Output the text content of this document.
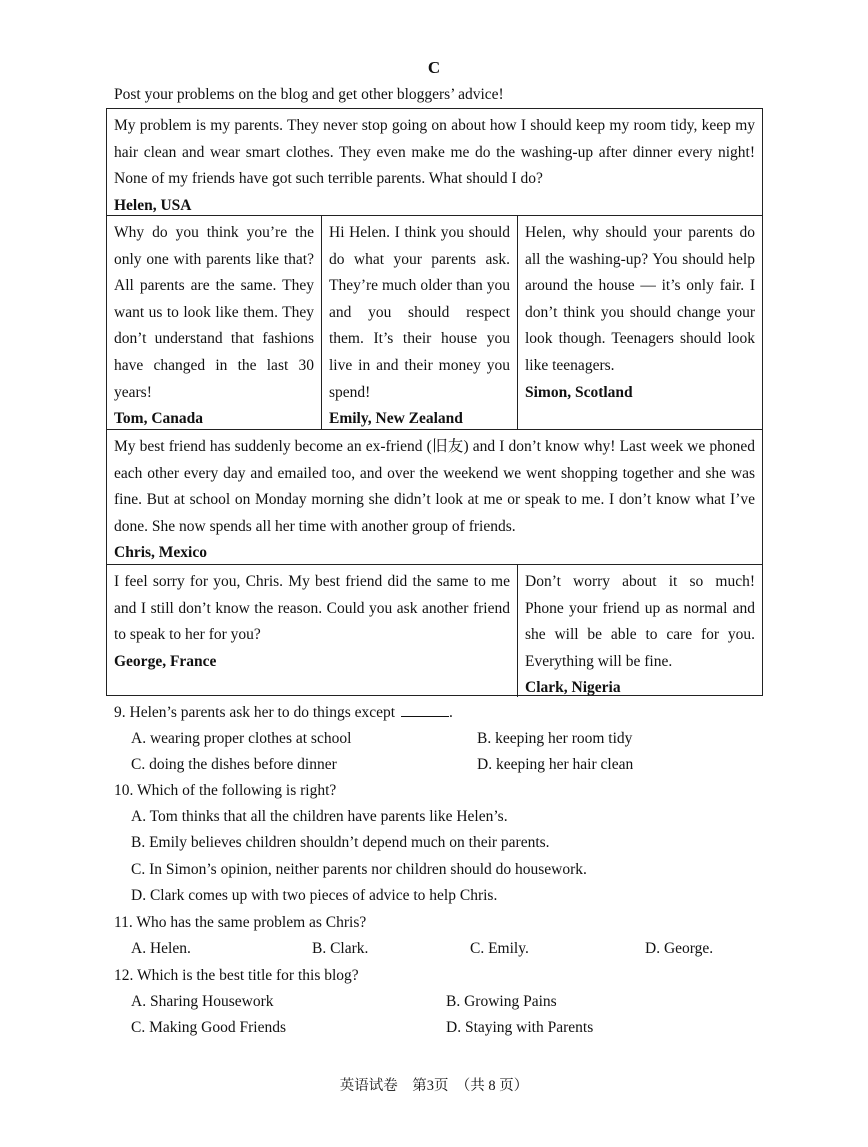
C
Post your problems on the blog and get other bloggers’ advice!
My problem is my parents. They never stop going on about how I should keep my room tidy, keep my hair clean and wear smart clothes. They even make me do the washing-up after dinner every night! None of my friends have got such terrible parents. What should I do?
Helen, USA
Why do you think you’re the only one with parents like that? All parents are the same. They want us to look like them. They don’t understand that fashions have changed in the last 30 years!
Tom, Canada
Hi Helen. I think you should do what your parents ask. They’re much older than you and you should respect them. It’s their house you live in and their money you spend!
Emily, New Zealand
Helen, why should your parents do all the washing-up? You should help around the house — it’s only fair. I don’t think you should change your look though. Teenagers should look like teenagers.
Simon, Scotland
My best friend has suddenly become an ex-friend (旧友) and I don’t know why! Last week we phoned each other every day and emailed too, and over the weekend we went shopping together and she was fine. But at school on Monday morning she didn’t look at me or speak to me. I don’t know what I’ve done. She now spends all her time with another group of friends.
Chris, Mexico
I feel sorry for you, Chris. My best friend did the same to me and I still don’t know the reason. Could you ask another friend to speak to her for you?
George, France
Don’t worry about it so much! Phone your friend up as normal and she will be able to care for you. Everything will be fine.
Clark, Nigeria
9. Helen’s parents ask her to do things except	.
A. wearing proper clothes at school	B. keeping her room tidy
C. doing the dishes before dinner	D. keeping her hair clean
10. Which of the following is right?
A. Tom thinks that all the children have parents like Helen’s.
B. Emily believes children shouldn’t depend much on their parents.
C. In Simon’s opinion, neither parents nor children should do housework.
D. Clark comes up with two pieces of advice to help Chris.
11. Who has the same problem as Chris?
A. Helen.	B. Clark.	C. Emily.	D. George.
12. Which is the best title for this blog?
A. Sharing Housework	B. Growing Pains
C. Making Good Friends	D. Staying with Parents
英语试卷　第3页　（共 8 页）
